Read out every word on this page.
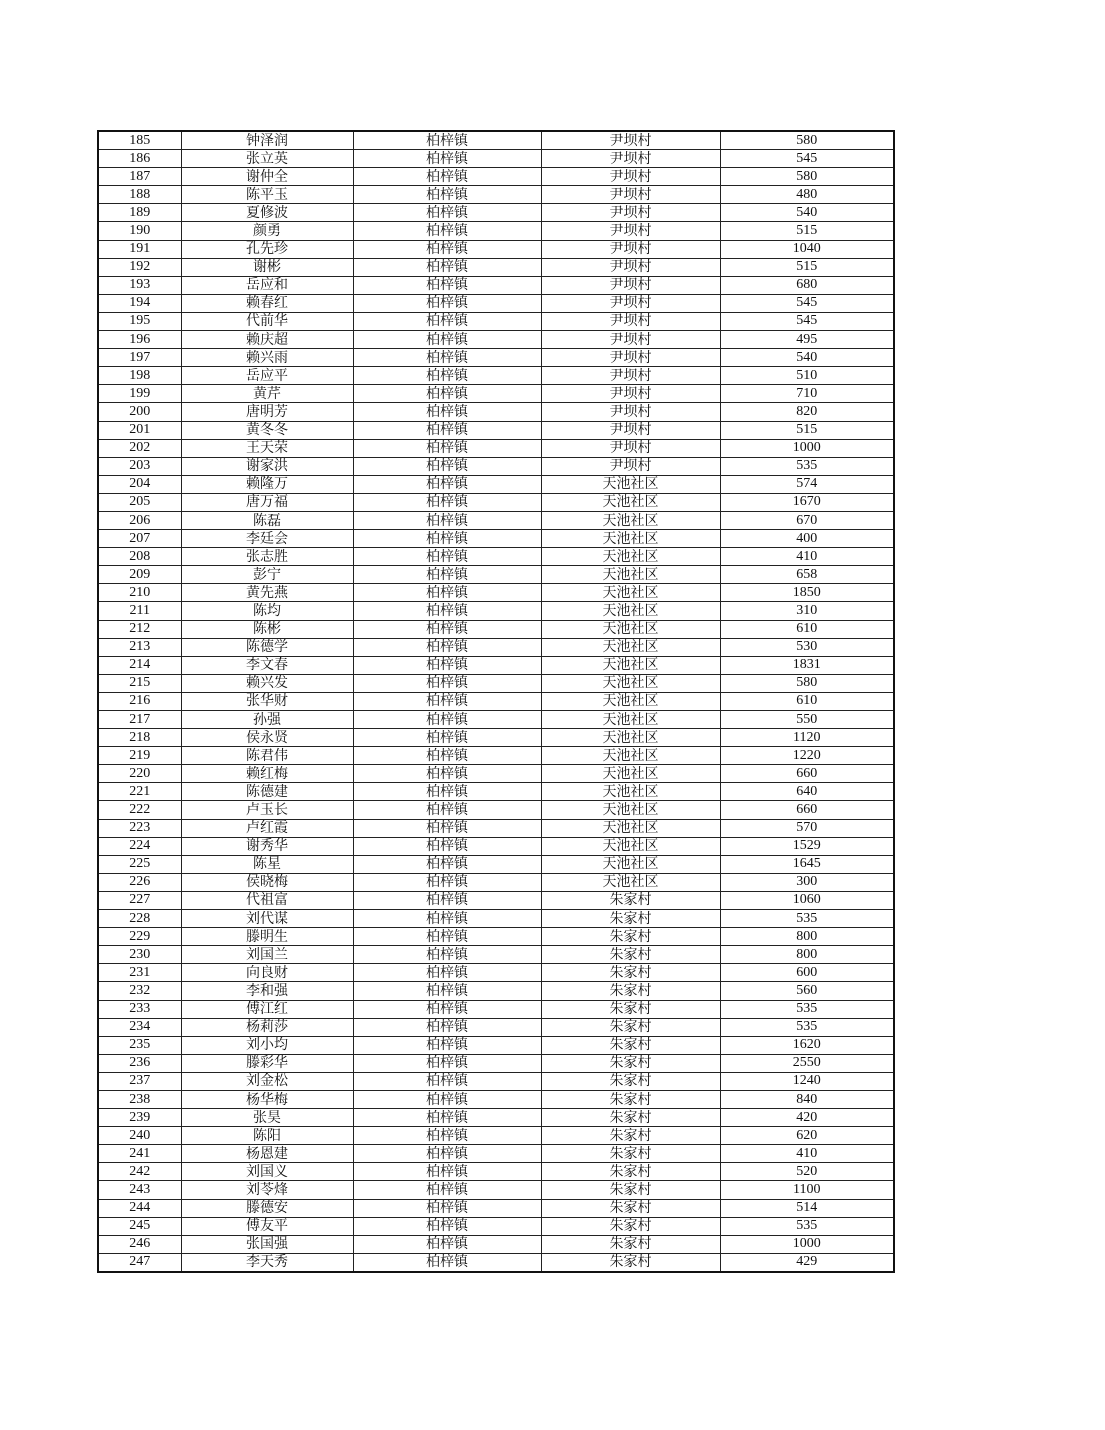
185	钟泽润	柏梓镇	尹坝村	580
186	张立英	柏梓镇	尹坝村	545
187	谢仲全	柏梓镇	尹坝村	580
188	陈平玉	柏梓镇	尹坝村	480
189	夏修波	柏梓镇	尹坝村	540
190	颜勇	柏梓镇	尹坝村	515
191	孔先珍	柏梓镇	尹坝村	1040
192	谢彬	柏梓镇	尹坝村	515
193	岳应和	柏梓镇	尹坝村	680
194	赖春红	柏梓镇	尹坝村	545
195	代前华	柏梓镇	尹坝村	545
196	赖庆超	柏梓镇	尹坝村	495
197	赖兴雨	柏梓镇	尹坝村	540
198	岳应平	柏梓镇	尹坝村	510
199	黄芹	柏梓镇	尹坝村	710
200	唐明芳	柏梓镇	尹坝村	820
201	黄冬冬	柏梓镇	尹坝村	515
202	王天荣	柏梓镇	尹坝村	1000
203	谢家洪	柏梓镇	尹坝村	535
204	赖隆万	柏梓镇	天池社区	574
205	唐万福	柏梓镇	天池社区	1670
206	陈磊	柏梓镇	天池社区	670
207	李廷会	柏梓镇	天池社区	400
208	张志胜	柏梓镇	天池社区	410
209	彭宁	柏梓镇	天池社区	658
210	黄先燕	柏梓镇	天池社区	1850
211	陈均	柏梓镇	天池社区	310
212	陈彬	柏梓镇	天池社区	610
213	陈德学	柏梓镇	天池社区	530
214	李文春	柏梓镇	天池社区	1831
215	赖兴发	柏梓镇	天池社区	580
216	张华财	柏梓镇	天池社区	610
217	孙强	柏梓镇	天池社区	550
218	侯永贤	柏梓镇	天池社区	1120
219	陈君伟	柏梓镇	天池社区	1220
220	赖红梅	柏梓镇	天池社区	660
221	陈德建	柏梓镇	天池社区	640
222	卢玉长	柏梓镇	天池社区	660
223	卢红霞	柏梓镇	天池社区	570
224	谢秀华	柏梓镇	天池社区	1529
225	陈星	柏梓镇	天池社区	1645
226	侯晓梅	柏梓镇	天池社区	300
227	代祖富	柏梓镇	朱家村	1060
228	刘代谋	柏梓镇	朱家村	535
229	滕明生	柏梓镇	朱家村	800
230	刘国兰	柏梓镇	朱家村	800
231	向良财	柏梓镇	朱家村	600
232	李和强	柏梓镇	朱家村	560
233	傅江红	柏梓镇	朱家村	535
234	杨莉莎	柏梓镇	朱家村	535
235	刘小均	柏梓镇	朱家村	1620
236	滕彩华	柏梓镇	朱家村	2550
237	刘金松	柏梓镇	朱家村	1240
238	杨华梅	柏梓镇	朱家村	840
239	张昊	柏梓镇	朱家村	420
240	陈阳	柏梓镇	朱家村	620
241	杨恩建	柏梓镇	朱家村	410
242	刘国义	柏梓镇	朱家村	520
243	刘苓烽	柏梓镇	朱家村	1100
244	滕德安	柏梓镇	朱家村	514
245	傅友平	柏梓镇	朱家村	535
246	张国强	柏梓镇	朱家村	1000
247	李天秀	柏梓镇	朱家村	429
